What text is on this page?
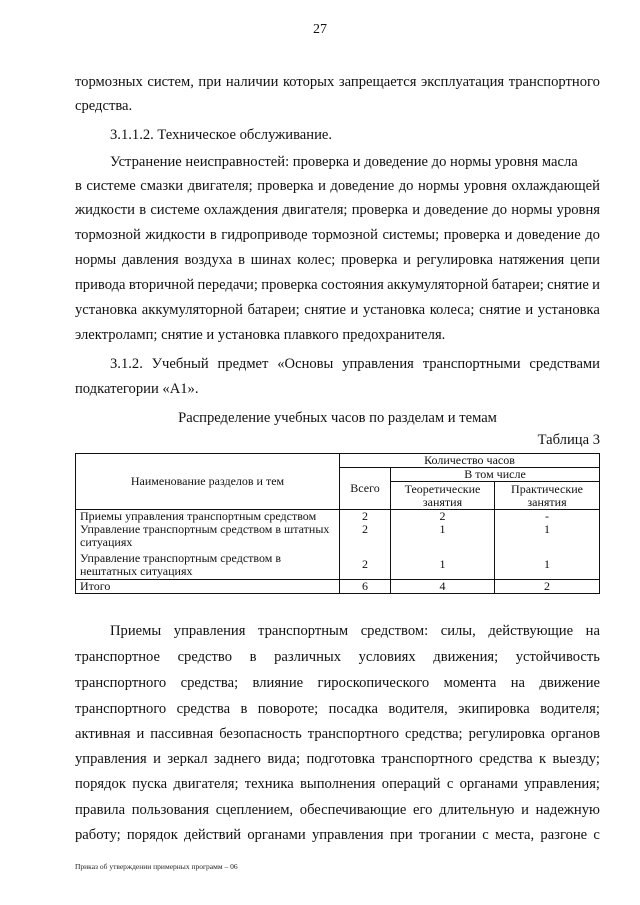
27
тормозных систем, при наличии которых запрещается эксплуатация транспортного
средства.
3.1.1.2. Техническое обслуживание.
Устранение неисправностей: проверка и доведение до нормы уровня масла
в системе смазки двигателя; проверка и доведение до нормы уровня охлаждающей
жидкости в системе охлаждения двигателя; проверка и доведение до нормы уровня
тормозной жидкости в гидроприводе тормозной системы; проверка и доведение до
нормы давления воздуха в шинах колес; проверка и регулировка натяжения цепи
привода вторичной передачи; проверка состояния аккумуляторной батареи; снятие и
установка аккумуляторной батареи; снятие и установка колеса; снятие и установка
электроламп; снятие и установка плавкого предохранителя.
3.1.2. Учебный предмет «Основы управления транспортными средствами
подкатегории «А1».
Распределение учебных часов по разделам и темам
Таблица 3
Наименование разделов и тем	Количество часов		
	Всего	В том числе	
		Теоретические занятия	Практические занятия
Приемы управления транспортным средством	2	2	-
Управление транспортным средством в штатных ситуациях	2	1	1
Управление транспортным средством в нештатных ситуациях	2	1	1
Итого	6	4	2
Приемы управления транспортным средством: силы, действующие на
транспортное средство в различных условиях движения; устойчивость
транспортного средства; влияние гироскопического момента на движение
транспортного средства в повороте; посадка водителя, экипировка водителя;
активная и пассивная безопасность транспортного средства; регулировка органов
управления и зеркал заднего вида; подготовка транспортного средства к выезду;
порядок пуска двигателя; техника выполнения операций с органами управления;
правила пользования сцеплением, обеспечивающие его длительную и надежную
работу; порядок действий органами управления при трогании с места, разгоне с
Приказ об утверждении примерных программ – 06
